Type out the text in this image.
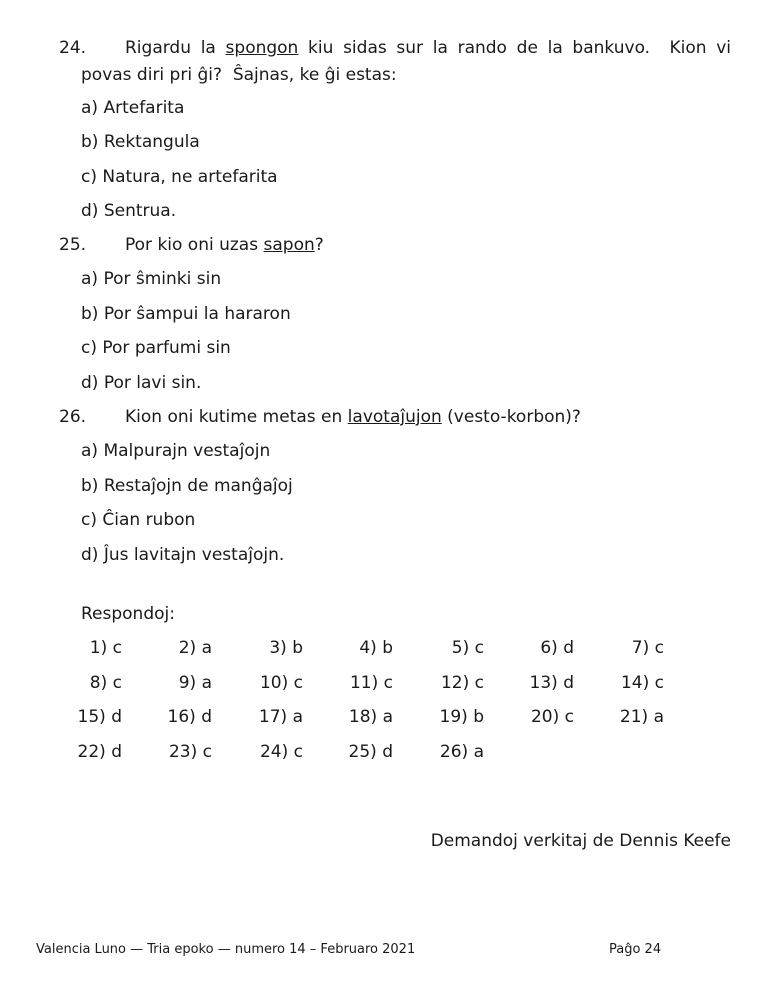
24. Rigardu la spongon kiu sidas sur la rando de la bankuvo.  Kion vi
povas diri pri ĝi?  Ŝajnas, ke ĝi estas:
a) Artefarita
b) Rektangula
c) Natura, ne artefarita
d) Sentrua.
25. Por kio oni uzas sapon?
a) Por ŝminki sin
b) Por ŝampui la hararon
c) Por parfumi sin
d) Por lavi sin.
26. Kion oni kutime metas en lavotaĵujon (vesto-korbon)?
a) Malpurajn vestaĵojn
b) Restaĵojn de manĝaĵoj
c) Ĉian rubon
d) Ĵus lavitajn vestaĵojn.
Respondoj:
1) c	2) a	3) b	4) b	5) c	6) d	7) c
8) c	9) a	10) c	11) c	12) c	13) d	14) c
15) d	16) d	17) a	18) a	19) b	20) c	21) a
22) d	23) c	24) c	25) d	26) a
Demandoj verkitaj de Dennis Keefe
Valencia Luno — Tria epoko — numero 14 – Februaro 2021	Paĝo 24
